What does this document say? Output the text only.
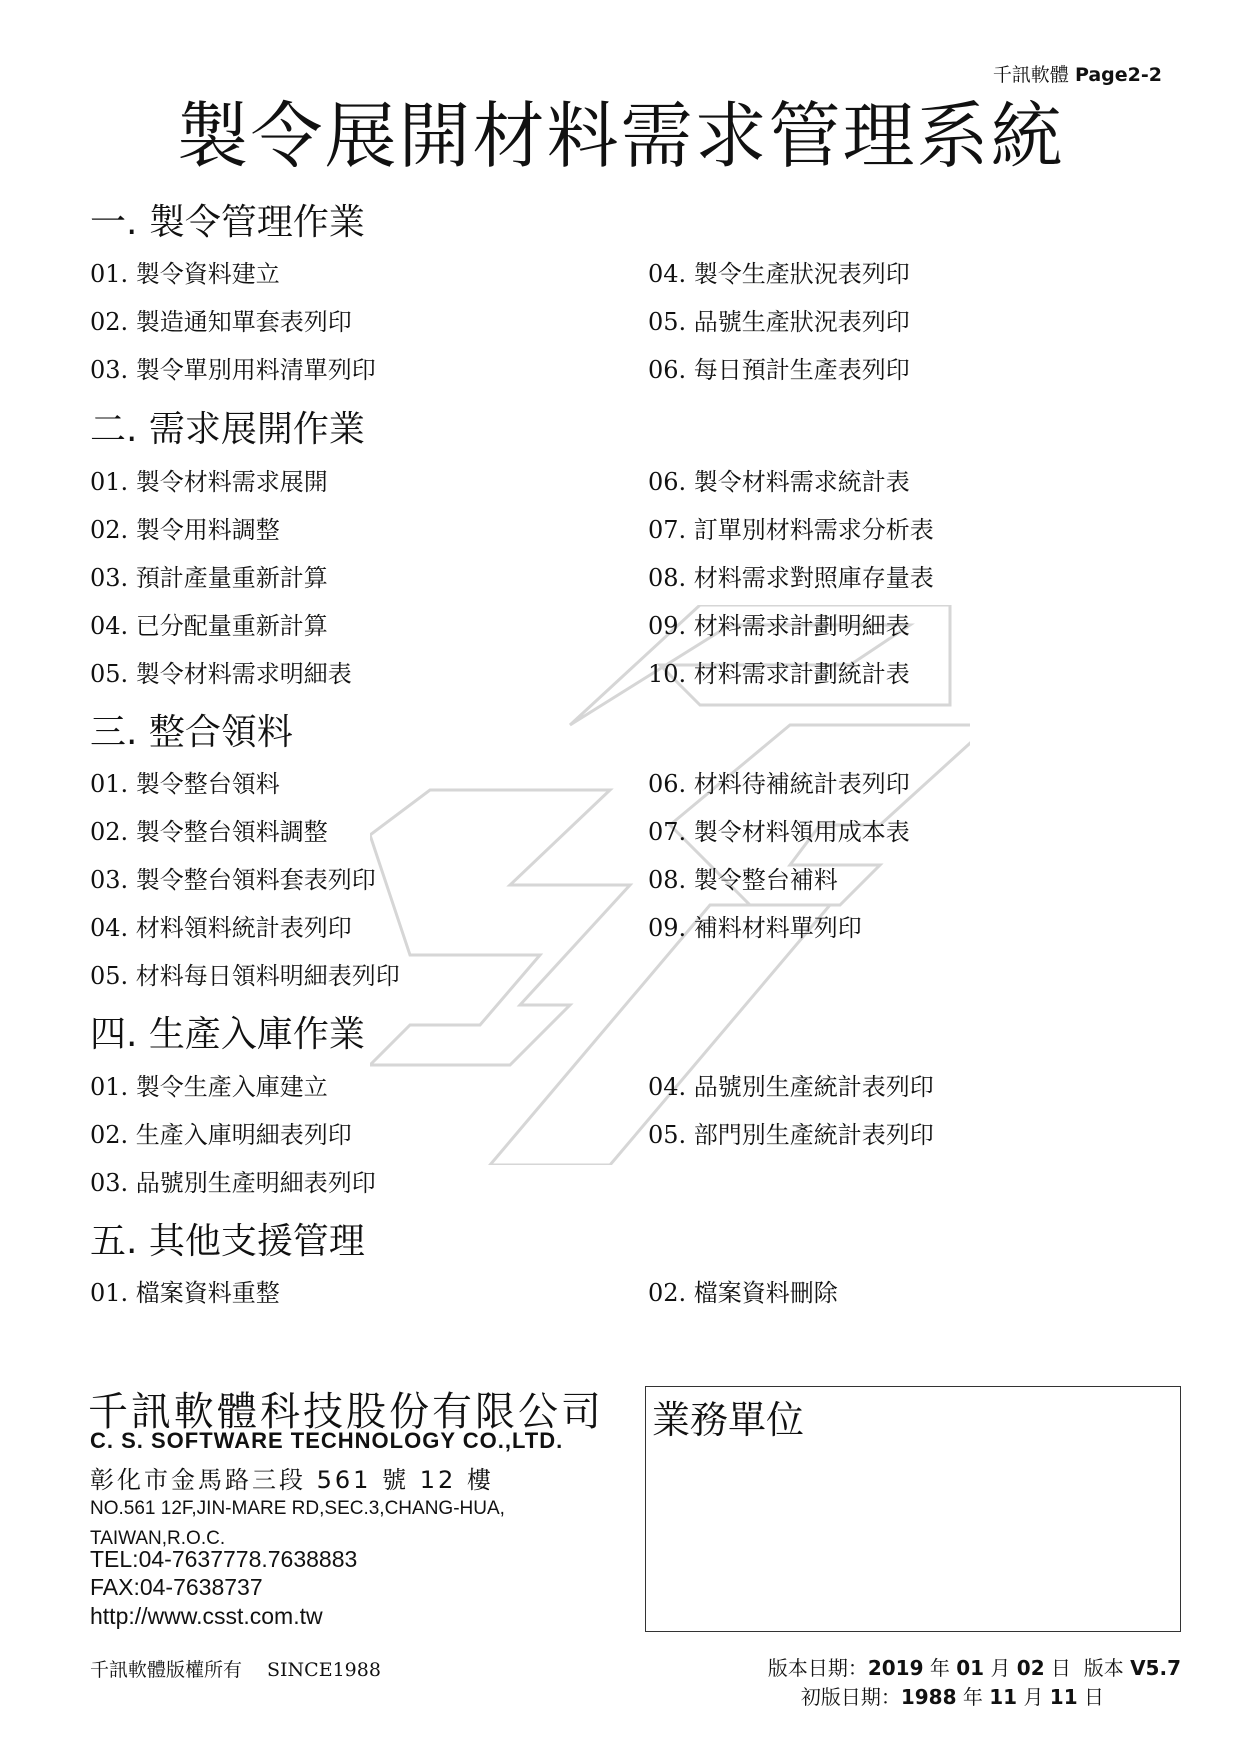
千訊軟體 Page2-2
製令展開材料需求管理系統
一. 製令管理作業
01. 製令資料建立
02. 製造通知單套表列印
03. 製令單別用料清單列印
04. 製令生產狀況表列印
05. 品號生產狀況表列印
06. 每日預計生產表列印
二. 需求展開作業
01. 製令材料需求展開
02. 製令用料調整
03. 預計產量重新計算
04. 已分配量重新計算
05. 製令材料需求明細表
06. 製令材料需求統計表
07. 訂單別材料需求分析表
08. 材料需求對照庫存量表
09. 材料需求計劃明細表
10. 材料需求計劃統計表
三. 整合領料
01. 製令整台領料
02. 製令整台領料調整
03. 製令整台領料套表列印
04. 材料領料統計表列印
05. 材料每日領料明細表列印
06. 材料待補統計表列印
07. 製令材料領用成本表
08. 製令整台補料
09. 補料材料單列印
四. 生產入庫作業
01. 製令生產入庫建立
02. 生產入庫明細表列印
03. 品號別生產明細表列印
04. 品號別生產統計表列印
05. 部門別生產統計表列印
五. 其他支援管理
01. 檔案資料重整	02. 檔案資料刪除
千訊軟體科技股份有限公司
C. S. SOFTWARE TECHNOLOGY CO.,LTD.
彰化市金馬路三段 561 號 12 樓
NO.561 12F,JIN-MARE RD,SEC.3,CHANG-HUA, TAIWAN,R.O.C.
TEL:04-7637778.7638883
FAX:04-7638737
http://www.csst.com.tw
業務單位
千訊軟體版權所有　 SINCE1988	版本日期：2019 年 01 月 02 日 版本 V5.7
初版日期：1988 年 11 月 11 日
